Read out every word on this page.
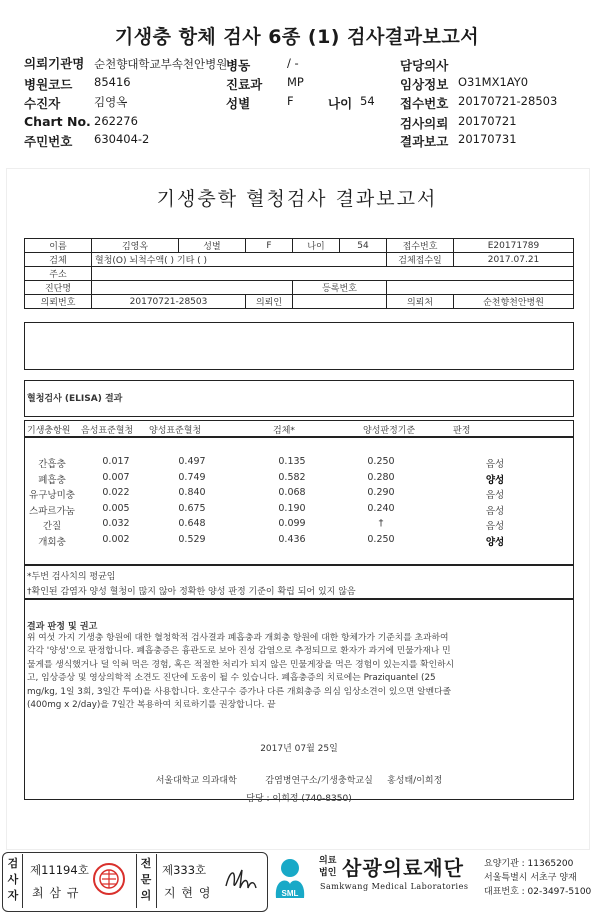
기생충 항체 검사 6종 (1) 검사결과보고서
의뢰기관명 순천향대학교부속천안병원
병동	/ -	담당의사
병원코드 85416	진료과 MP	임상정보 O31MX1AY0
수진자	김영옥	성별	F	나이 54 접수번호 20170721-28503
Chart No. 262276	검사의뢰 20170721
주민번호 630404-2	결과보고 20170731
기생충학 혈청검사 결과보고서
이름	김영옥	성별	F	나이	54	접수번호	E20171789
검체	혈청(O) 뇌척수액( ) 기타 ( )					검체접수일	2017.07.21
주소							
진단명				등록번호			
의뢰번호	20170721-28503		의뢰인			의뢰처	순천향천안병원
혈청검사 (ELISA) 결과
기생충항원 음성표준혈청 양성표준혈청	검체*	양성판정기준	판정
간흡충	0.017	0.497	0.135	0.250	음성
폐흡충	0.007	0.749	0.582	0.280	양성
유구낭미충	0.022	0.840	0.068	0.290	음성
스파르가눔	0.005	0.675	0.190	0.240	음성
간질	0.032	0.648	0.099	†	음성
개회충	0.002	0.529	0.436	0.250	양성
*두번 검사치의 평균임
†확인된 감염자 양성 혈청이 많지 않아 정확한 양성 판정 기준이 확립 되어 있지 않음
결과 판정 및 권고
위 여섯 가지 기생충 항원에 대한 혈청학적 검사결과 폐흡충과 개회충 항원에 대한 항체가가 기준치를 초과하여
각각 '양성'으로 판정합니다. 폐흡충증은 흉관도로 보아 진성 감염으로 추정되므로 환자가 과거에 민물가재나 민
물게를 생식했거나 덜 익혀 먹은 경험, 혹은 적절한 처리가 되지 않은 민물게장을 먹은 경험이 있는지를 확인하시
고, 임상증상 및 영상의학적 소견도 진단에 도움이 될 수 있습니다. 폐흡충증의 치료에는 Praziquantel (25
mg/kg, 1일 3회, 3일간 투여)을 사용합니다. 호산구수 증가나 다른 개회충증 의심 임상소견이 있으면 알벤다졸
(400mg x 2/day)을 7일간 복용하여 치료하기를 권장합니다. 끝
2017년 07월 25일
서울대학교 의과대학          감염병연구소/기생충학교실     홍성태/이희정
담당 : 이희정 (740-8350)
검사자
제11194호
최 삼 규
전문의
제333호
지 현 영	SML
의료
법인 삼광의료재단
Samkwang Medical Laboratories
요양기관 : 11365200
서울특별시 서초구 양재
대표번호 : 02-3497-5100
